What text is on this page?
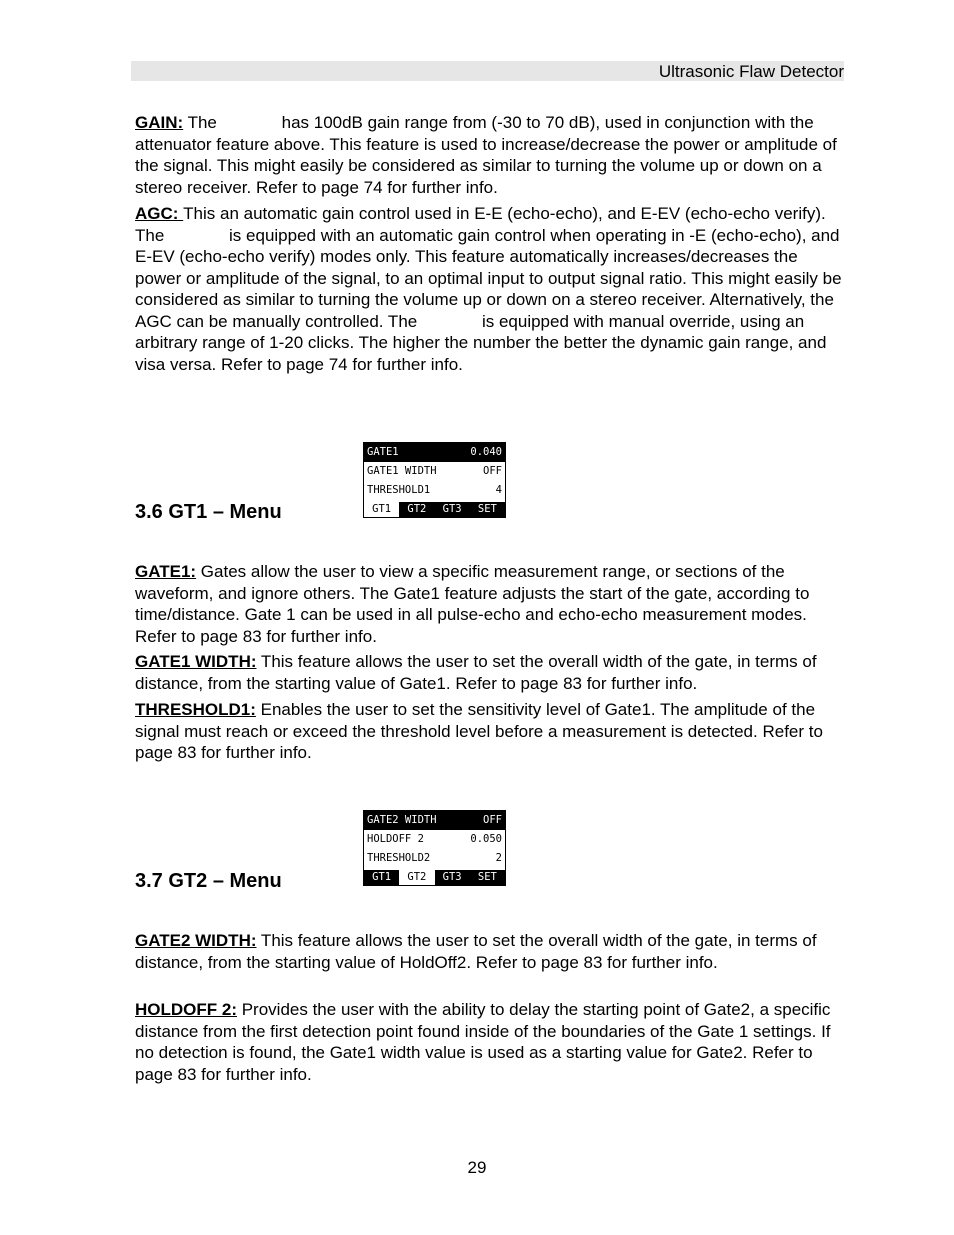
Ultrasonic Flaw Detector

GAIN: The	has 100dB gain range from (-30 to 70 dB), used in conjunction with the attenuator feature above. This feature is used to increase/decrease the power or amplitude of the signal. This might easily be considered as similar to turning the volume up or down on a stereo receiver. Refer to page 74 for further info.

AGC: This an automatic gain control used in E-E (echo-echo), and E-EV (echo-echo verify). The	is equipped with an automatic gain control when operating in -E (echo-echo), and E-EV (echo-echo verify) modes only. This feature automatically increases/decreases the power or amplitude of the signal, to an optimal input to output signal ratio. This might easily be considered as similar to turning the volume up or down on a stereo receiver. Alternatively, the AGC can be manually controlled. The	is equipped with manual override, using an arbitrary range of 1-20 clicks. The higher the number the better the dynamic gain range, and visa versa. Refer to page 74 for further info.

3.6 GT1 – Menu
GATE1	0.040
GATE1 WIDTH	OFF
THRESHOLD1	4
GT1	GT2	GT3	SET

GATE1: Gates allow the user to view a specific measurement range, or sections of the waveform, and ignore others. The Gate1 feature adjusts the start of the gate, according to time/distance. Gate 1 can be used in all pulse-echo and echo-echo measurement modes. Refer to page 83 for further info.

GATE1 WIDTH: This feature allows the user to set the overall width of the gate, in terms of distance, from the starting value of Gate1. Refer to page 83 for further info.

THRESHOLD1: Enables the user to set the sensitivity level of Gate1. The amplitude of the signal must reach or exceed the threshold level before a measurement is detected. Refer to page 83 for further info.

3.7 GT2 – Menu
GATE2 WIDTH	OFF
HOLDOFF 2	0.050
THRESHOLD2	2
GT1	GT2	GT3	SET

GATE2 WIDTH: This feature allows the user to set the overall width of the gate, in terms of distance, from the starting value of HoldOff2. Refer to page 83 for further info.

HOLDOFF 2: Provides the user with the ability to delay the starting point of Gate2, a specific distance from the first detection point found inside of the boundaries of the Gate 1 settings. If no detection is found, the Gate1 width value is used as a starting value for Gate2. Refer to page 83 for further info.

29
